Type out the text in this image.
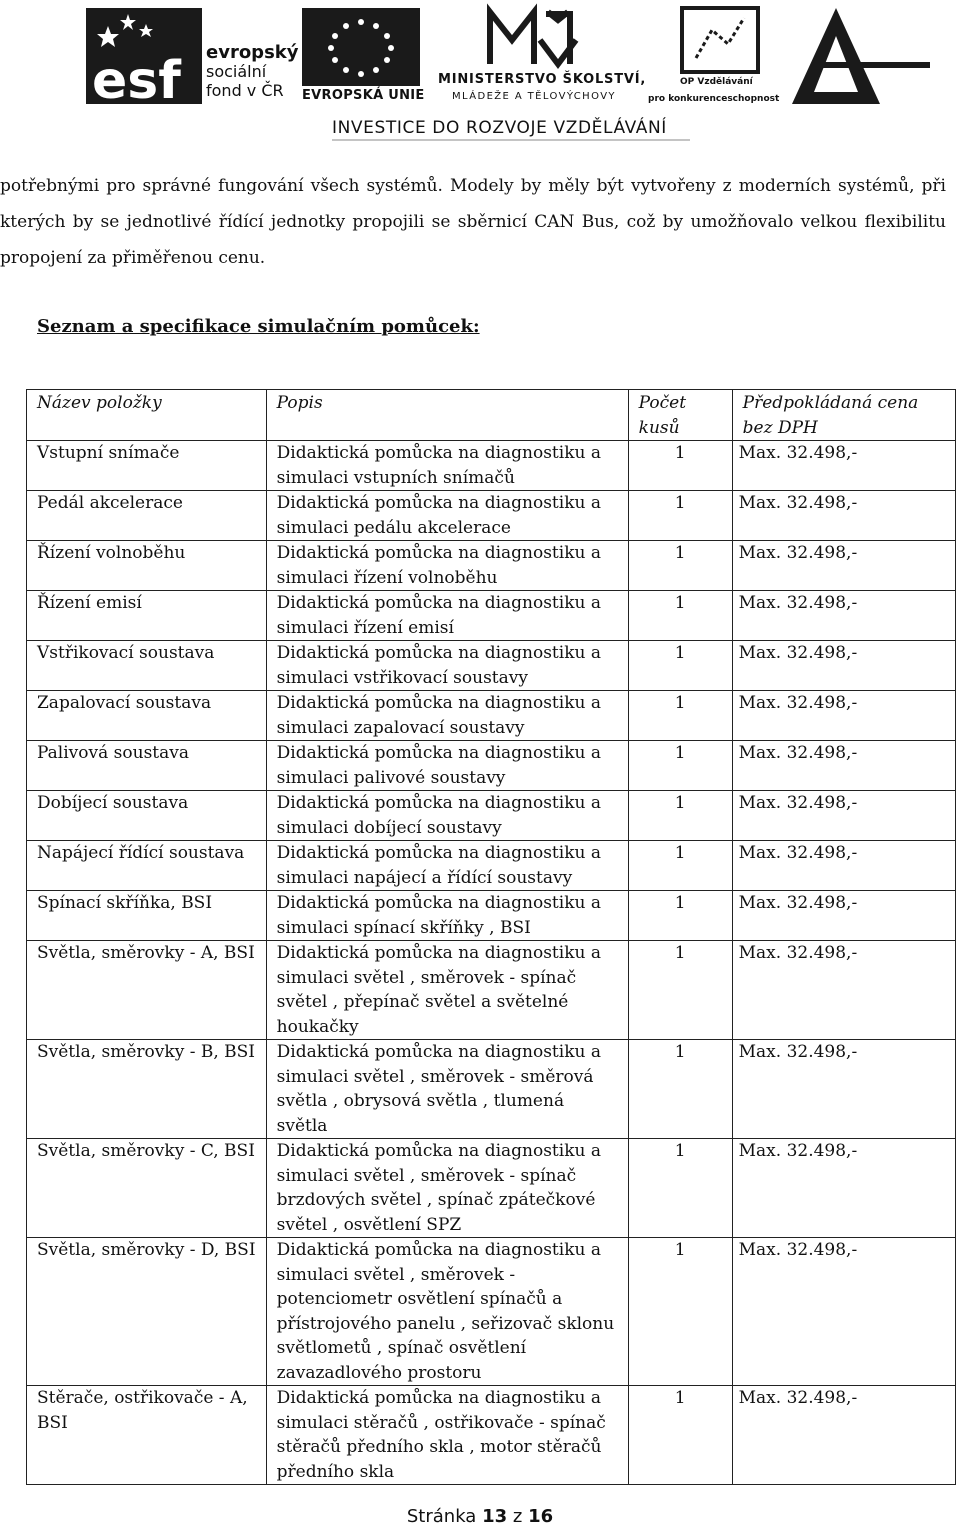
esf evropský
sociální
fond v ČR EVROPSKÁ UNIE
MINISTERSTVO ŠKOLSTVÍ,
MLÁDEŽE A TĚLOVÝCHOVY
OP Vzdělávání
pro konkurenceschopnost
INVESTICE DO ROZVOJE VZDĚLÁVÁNÍ

potřebnými pro správné fungování všech systémů. Modely by měly být vytvořeny z moderních systémů, při kterých by se jednotlivé řídící jednotky propojili se sběrnicí CAN Bus, což by umožňovalo velkou flexibilitu propojení za přiměřenou cenu.

Seznam a specifikace simulačním pomůcek:
Název položky	Popis	Počet kusů	Předpokládaná cena bez DPH
Vstupní snímače	Didaktická pomůcka na diagnostiku a simulaci vstupních snímačů	1	Max. 32.498,-
Pedál akcelerace	Didaktická pomůcka na diagnostiku a simulaci pedálu akcelerace	1	Max. 32.498,-
Řízení volnoběhu	Didaktická pomůcka na diagnostiku a simulaci řízení volnoběhu	1	Max. 32.498,-
Řízení emisí	Didaktická pomůcka na diagnostiku a simulaci řízení emisí	1	Max. 32.498,-
Vstřikovací soustava	Didaktická pomůcka na diagnostiku a simulaci vstřikovací soustavy	1	Max. 32.498,-
Zapalovací soustava	Didaktická pomůcka na diagnostiku a simulaci zapalovací soustavy	1	Max. 32.498,-
Palivová soustava	Didaktická pomůcka na diagnostiku a simulaci palivové soustavy	1	Max. 32.498,-
Dobíjecí soustava	Didaktická pomůcka na diagnostiku a simulaci dobíjecí soustavy	1	Max. 32.498,-
Napájecí řídící soustava	Didaktická pomůcka na diagnostiku a simulaci napájecí a řídící soustavy	1	Max. 32.498,-
Spínací skříňka, BSI	Didaktická pomůcka na diagnostiku a simulaci spínací skříňky , BSI	1	Max. 32.498,-
Světla, směrovky - A, BSI	Didaktická pomůcka na diagnostiku a simulaci světel , směrovek - spínač světel , přepínač světel a světelné houkačky	1	Max. 32.498,-
Světla, směrovky - B, BSI	Didaktická pomůcka na diagnostiku a simulaci světel , směrovek - směrová světla , obrysová světla , tlumená světla	1	Max. 32.498,-
Světla, směrovky - C, BSI	Didaktická pomůcka na diagnostiku a simulaci světel , směrovek - spínač brzdových světel , spínač zpátečkové světel , osvětlení SPZ	1	Max. 32.498,-
Světla, směrovky - D, BSI	Didaktická pomůcka na diagnostiku a simulaci světel , směrovek - potenciometr osvětlení spínačů a přístrojového panelu , seřizovač sklonu světlometů , spínač osvětlení zavazadlového prostoru	1	Max. 32.498,-
Stěrače, ostřikovače - A, BSI	Didaktická pomůcka na diagnostiku a simulaci stěračů , ostřikovače - spínač stěračů předního skla , motor stěračů předního skla	1	Max. 32.498,-
Stránka 13 z 16
